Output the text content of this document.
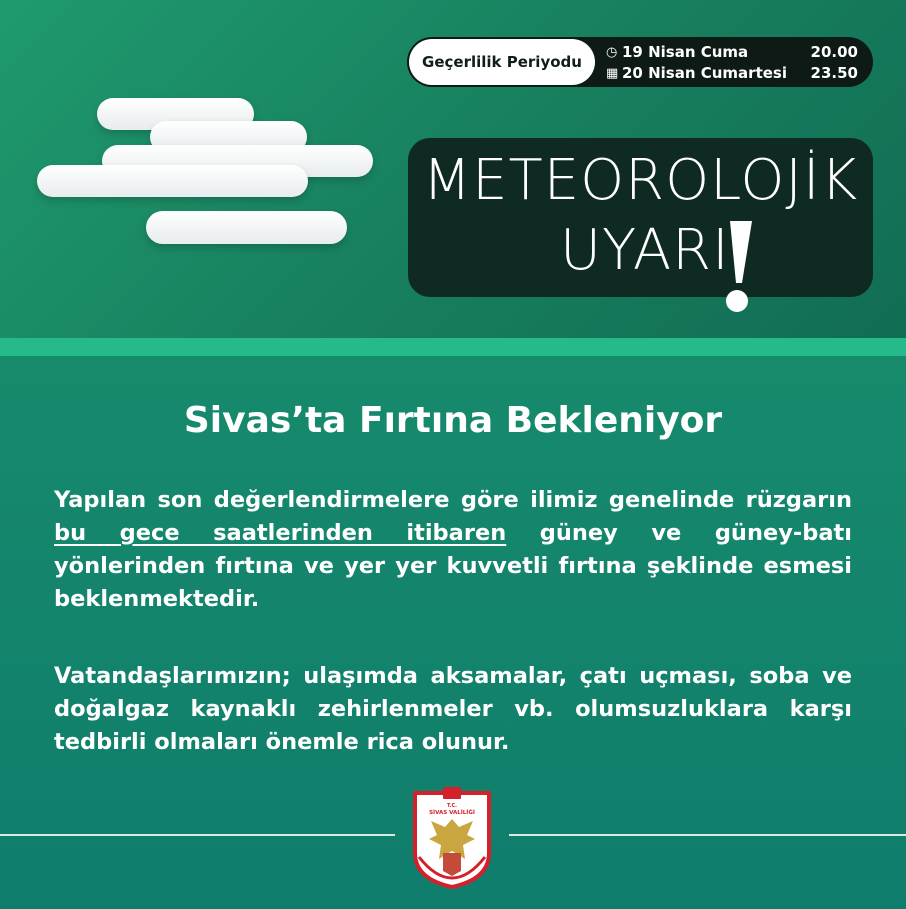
Geçerlilik Periyodu
◷ 19 Nisan Cuma	20.00
▦ 20 Nisan Cumartesi	23.50
METEOROLOJİK
UYARI
Sivas’ta Fırtına Bekleniyor
Yapılan son değerlendirmelere göre ilimiz genelinde rüzgarın bu gece saatlerinden itibaren güney ve güney-batı yönlerinden fırtına ve yer yer kuvvetli fırtına şeklinde esmesi beklenmektedir.
Vatandaşlarımızın; ulaşımda aksamalar, çatı uçması, soba ve doğalgaz kaynaklı zehirlenmeler vb. olumsuzluklara karşı tedbirli olmaları önemle rica olunur.
T.C.
SİVAS VALİLİĞİ
